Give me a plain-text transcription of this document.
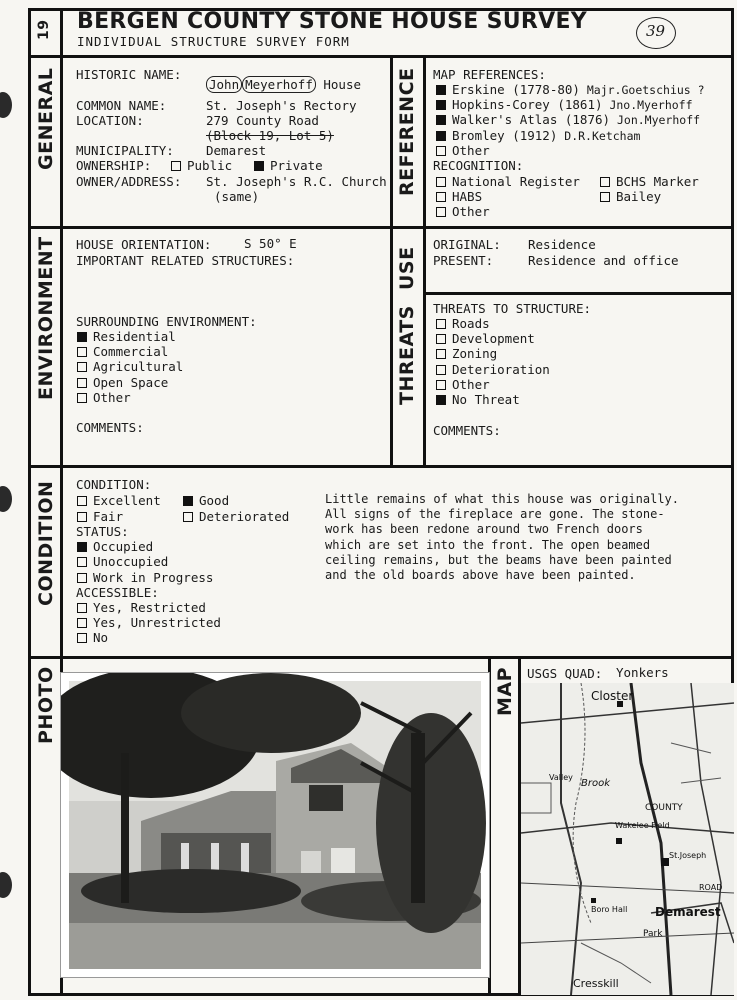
19 BERGEN COUNTY STONE HOUSE SURVEY
INDIVIDUAL STRUCTURE SURVEY FORM
39
GENERAL	REFERENCE
ENVIRONMENT	USE
THREATS
CONDITION
PHOTO	MAP
HISTORIC NAME:
John Meyerhoff House
COMMON NAME:	St. Joseph's Rectory
LOCATION:	279 County Road
(Block 19, Lot 5)
MUNICIPALITY:	Demarest
OWNERSHIP:	Public	Private
OWNER/ADDRESS: St. Joseph's R.C. Church
(same)
MAP REFERENCES:
Erskine (1778-80) Majr.Goetschius ?
Hopkins-Corey (1861) Jno.Myerhoff
Walker's Atlas (1876) Jon.Myerhoff
Bromley (1912) D.R.Ketcham
Other
RECOGNITION:
National Register	BCHS Marker
HABS	Bailey
Other
HOUSE ORIENTATION:	S 50° E
IMPORTANT RELATED STRUCTURES:
SURROUNDING ENVIRONMENT:
Residential
Commercial
Agricultural
Open Space
Other
COMMENTS:
ORIGINAL: Residence
PRESENT:	Residence and office
THREATS TO STRUCTURE:
Roads
Development
Zoning
Deterioration
Other
No Threat
COMMENTS:
CONDITION:
Excellent	Good
Fair	Deteriorated
STATUS:
Occupied
Unoccupied
Work in Progress
ACCESSIBLE:
Yes, Restricted
Yes, Unrestricted
No
Little remains of what this house was originally.
All signs of the fireplace are gone. The stone-
work has been redone around two French doors
which are set into the front. The open beamed
ceiling remains, but the beams have been painted
and the old boards above have been painted.
USGS QUAD: Yonkers
Closter
Valley
Brook
COUNTY
Wakelee Field
St.Joseph
ROAD
Boro Hall Demarest
Park
Cresskill
